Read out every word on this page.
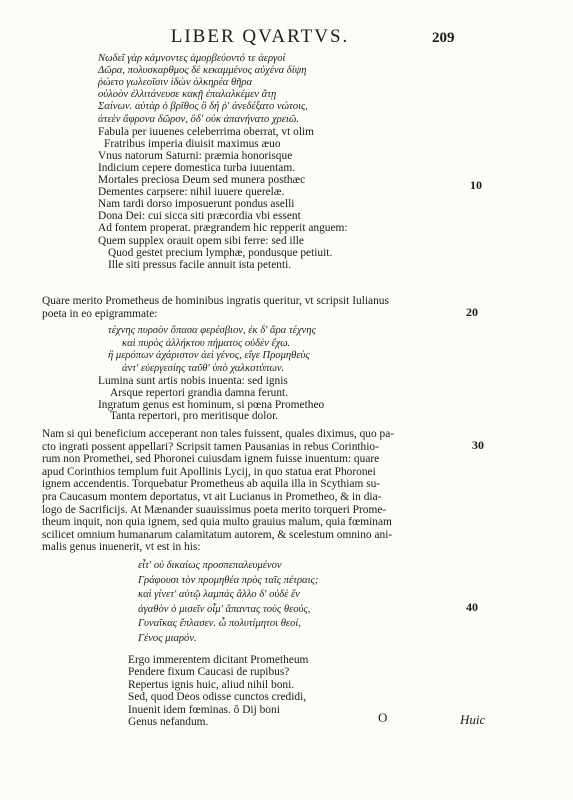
LIBER QVARTVS.	209
Νωδεῖ γὰρ κάμνοντες ἀμορβεύοντό τε ἀεργοί
Δῶρα, πολυσκαρθμος δὲ κεκαμμένος αὐχένα δίψη
ῥώετο γωλεοῖσιν ἰδὼν ὀλκηρέα θῆρα
οὐλοὸν ἐλλιτάνευσε κακῇ ἐπαλαλκέμεν ἄτῃ
Σαίνων. αὐτὰρ ὁ βρῖθος ὃ δή ῥ' ἀνεδέξατο νώτοις,
ἀτεὲν ἄφρονα δῶρον, ὃδ' οὐκ ἀπανήνατο χρειῶ.
Fabula per iuuenes celeberrima oberrat, vt olim
Fratribus imperia diuisit maximus æuo
Vnus natorum Saturni: præmia honorisque
Indicium cepere domestica turba iuuentam.
Mortales preciosa Deum sed munera posthæc
Dementes carpsere: nihil iuuere querelæ.
Nam tardi dorso imposuerunt pondus aselli
Dona Dei: cui sicca siti præcordia vbi essent
Ad fontem properat. prægrandem hic repperit anguem:
Quem supplex orauit opem sibi ferre: sed ille
Quod gestet precium lymphæ, pondusque petiuit.
Ille siti pressus facile annuit ista petenti.
Quare merito Prometheus de hominibus ingratis queritur, vt scripsit Iulianus
poeta in eo epigrammate:
τέχνης πυρσὸν ὅπασα φερέσβιον, ἐκ δ' ἄρα τέχνης
καὶ πυρὸς ἀλλήκτου πήματος οὐδὲν ἔχω.
ἢ μερόπων ἀχάριστον ἀεὶ γένος, εἴγε Προμηθεὺς
ἀντ' εὐεργεσίης ταῦθ' ὑπὸ χαλκοτύπων.
Lumina sunt artis nobis inuenta: sed ignis
Arsque repertori grandia damna ferunt.
Ingratum genus est hominum, si pœna Prometheo
Tanta repertori, pro meritisque dolor.
Nam si qui beneficium acceperant non tales fuissent, quales diximus, quo pa-
cto ingrati possent appellari? Scripsit tamen Pausanias in rebus Corinthio-
rum non Promethei, sed Phoronei cuiusdam ignem fuisse inuentum: quare
apud Corinthios templum fuit Apollinis Lycij, in quo statua erat Phoronei
ignem accendentis. Torquebatur Prometheus ab aquila illa in Scythiam su-
pra Caucasum montem deportatus, vt ait Lucianus in Prometheo, & in dia-
logo de Sacrificijs. At Mænander suauissimus poeta merito torqueri Prome-
theum inquit, non quia ignem, sed quia multo grauius malum, quia fœminam
scilicet omnium humanarum calamitatum autorem, & scelestum omnino ani-
malis genus inuenerit, vt est in his:
εἶτ' οὐ δικαίως προσπεπαλευμένον
Γράφουσι τὸν προμηθέα πρὸς ταῖς πέτραις;
καὶ γίνετ' αὐτῷ λαμπάς ἄλλο δ' οὐδὲ ἕν
ἀγαθὸν ὁ μισεῖν οἶμ' ἅπαντας τοὺς θεούς,
Γυναῖκας ἔπλασεν. ὦ πολυτίμητοι θεοί,
Γένος μιαρόν.
Ergo immerentem dicitant Prometheum
Pendere fixum Caucasi de rupibus?
Repertus ignis huic, aliud nihil boni.
Sed, quod Deos odisse cunctos credidi,
Inuenit idem fœminas. ô Dij boni
Genus nefandum.
10
20
30
40
O	Huic
